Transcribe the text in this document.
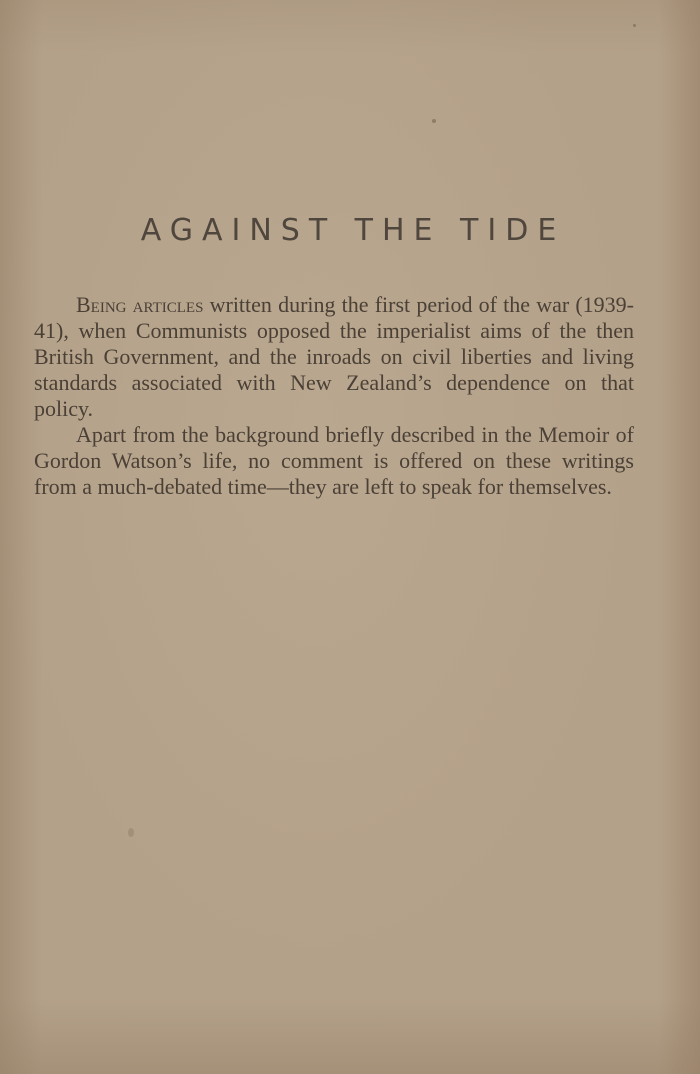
AGAINST THE TIDE

Being articles written during the first period of the war (1939-41), when Communists opposed the imperialist aims of the then British Government, and the inroads on civil liberties and living standards associated with New Zealand’s dependence on that policy.

Apart from the background briefly described in the Memoir of Gordon Watson’s life, no comment is offered on these writings from a much-debated time—they are left to speak for themselves.
